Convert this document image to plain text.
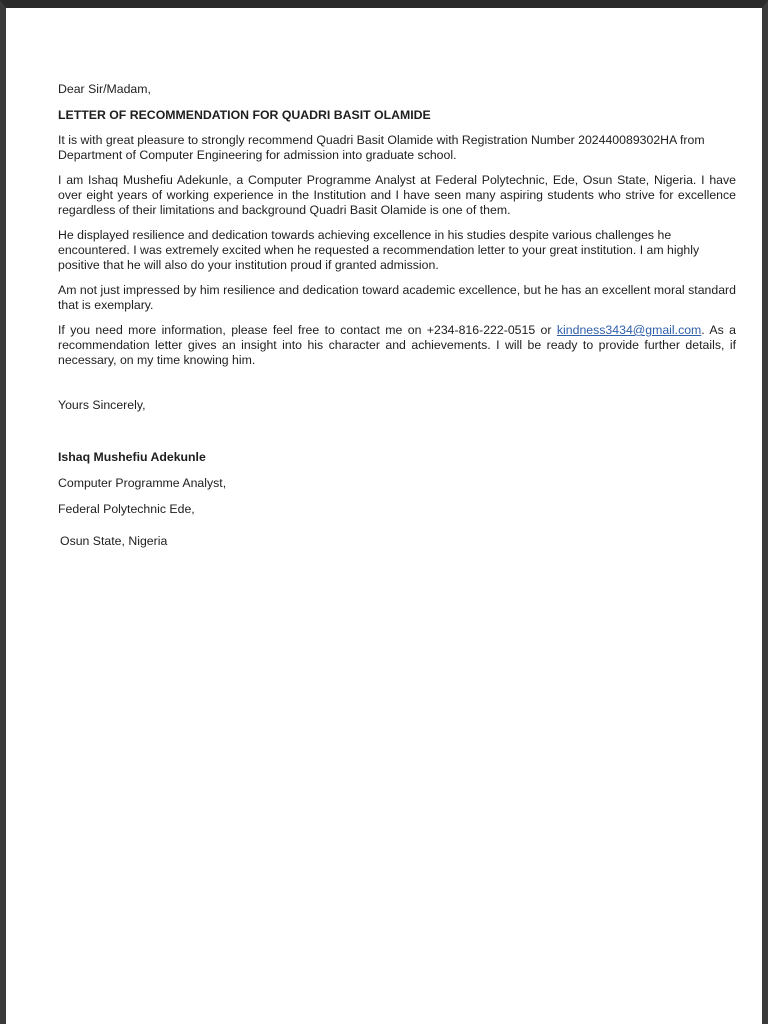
Dear Sir/Madam,
LETTER OF RECOMMENDATION FOR QUADRI BASIT OLAMIDE

It is with great pleasure to strongly recommend Quadri Basit Olamide with Registration Number 202440089302HA from Department of Computer Engineering for admission into graduate school.

I am Ishaq Mushefiu Adekunle, a Computer Programme Analyst at Federal Polytechnic, Ede, Osun State, Nigeria. I have over eight years of working experience in the Institution and I have seen many aspiring students who strive for excellence regardless of their limitations and background Quadri Basit Olamide is one of them.

He displayed resilience and dedication towards achieving excellence in his studies despite various challenges he encountered. I was extremely excited when he requested a recommendation letter to your great institution. I am highly positive that he will also do your institution proud if granted admission.

Am not just impressed by him resilience and dedication toward academic excellence, but he has an excellent moral standard that is exemplary.

If you need more information, please feel free to contact me on +234-816-222-0515 or kindness3434@gmail.com. As a recommendation letter gives an insight into his character and achievements. I will be ready to provide further details, if necessary, on my time knowing him.

Yours Sincerely,
Ishaq Mushefiu Adekunle
Computer Programme Analyst,
Federal Polytechnic Ede,
Osun State, Nigeria
